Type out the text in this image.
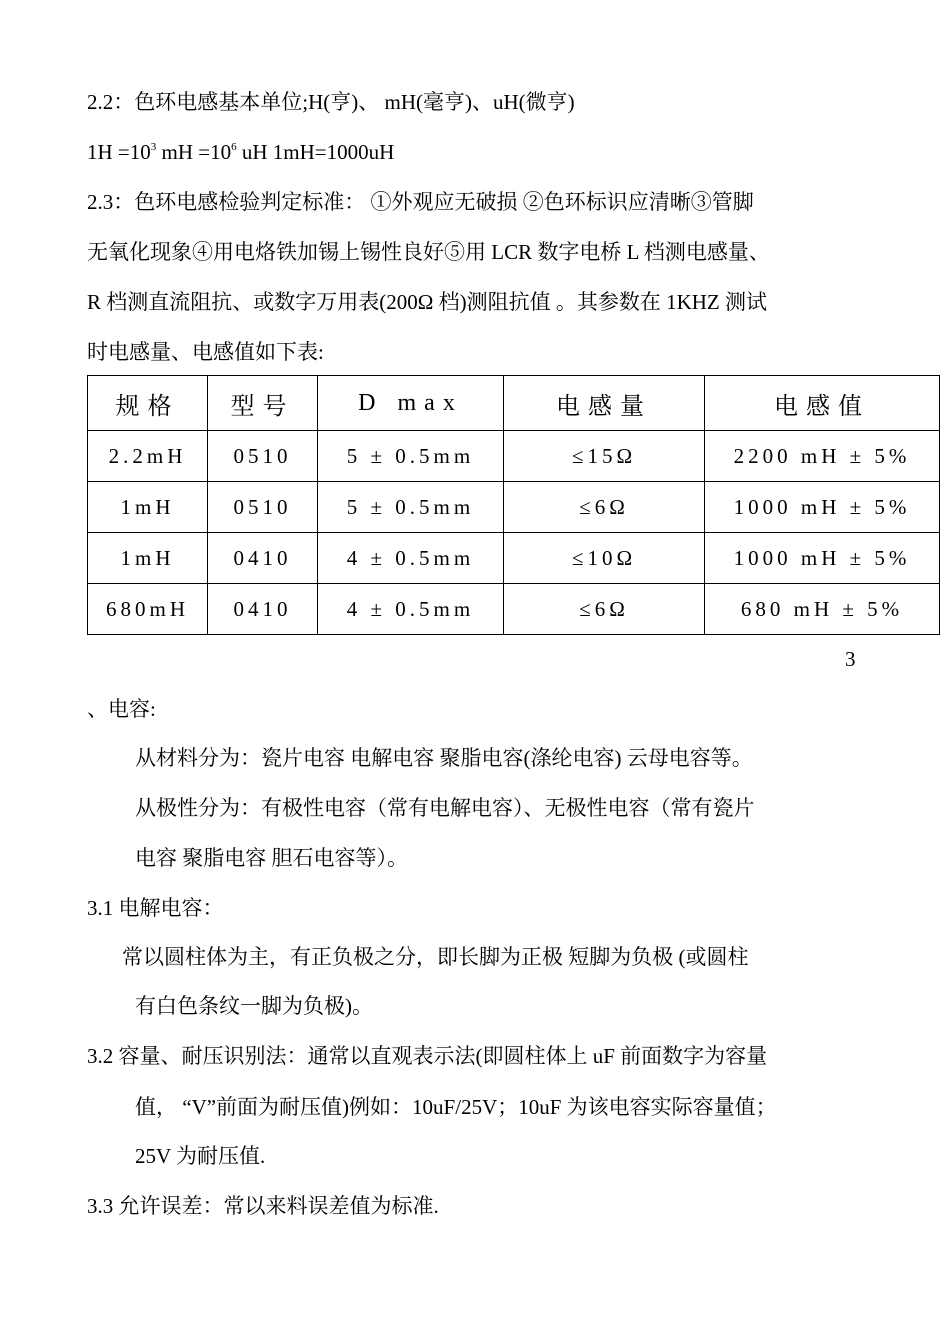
2.2：色环电感基本单位;H(亨)、 mH(毫亨)、uH(微亨)
$1H =10^3$ mH $=10^6$ uH 1mH=1000uH
2.3：色环电感检验判定标准： ①外观应无破损 ②色环标识应清晰③管脚
无氧化现象④用电烙铁加锡上锡性良好⑤用 LCR 数字电桥 L 档测电感量、
R 档测直流阻抗、或数字万用表(200Ω 档)测阻抗值 。其参数在 1KHZ 测试
时电感量、电感值如下表:
规格	型号	D max	电感量	电感值
2.2mH	0510	5 ± 0.5mm	≤15Ω	2200 mH ± 5%
1mH	0510	5 ± 0.5mm	≤6Ω	1000 mH ± 5%
1mH	0410	4 ± 0.5mm	≤10Ω	1000 mH ± 5%
680mH	0410	4 ± 0.5mm	≤6Ω	680 mH ± 5%
3
、电容:
从材料分为：瓷片电容 电解电容 聚脂电容(涤纶电容) 云母电容等。
从极性分为：有极性电容（常有电解电容）、无极性电容（常有瓷片
电容 聚脂电容 胆石电容等）。
3.1 电解电容：
常以圆柱体为主，有正负极之分，即长脚为正极 短脚为负极 (或圆柱
有白色条纹一脚为负极)。
3.2 容量、耐压识别法：通常以直观表示法(即圆柱体上 uF 前面数字为容量
值， “V”前面为耐压值)例如：10uF/25V；10uF 为该电容实际容量值；
25V 为耐压值.
3.3 允许误差：常以来料误差值为标准.
